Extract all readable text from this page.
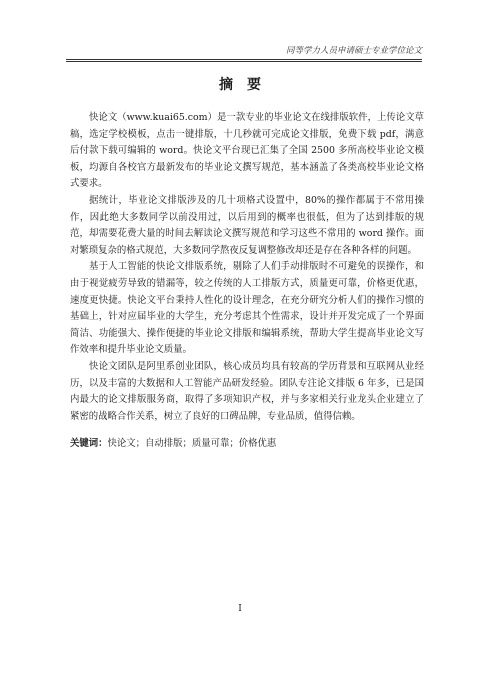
同等学力人员申请硕士专业学位论文
摘要

快论文（www.kuai65.com）是一款专业的毕业论文在线排版软件，上传论文草稿，选定学校模板，点击一键排版，十几秒就可完成论文排版，免费下载 pdf，满意后付款下载可编辑的 word。快论文平台现已汇集了全国 2500 多所高校毕业论文模板，均源自各校官方最新发布的毕业论文撰写规范，基本涵盖了各类高校毕业论文格式要求。

据统计，毕业论文排版涉及的几十项格式设置中，80%的操作都属于不常用操作，因此绝大多数同学以前没用过，以后用到的概率也很低，但为了达到排版的规范，却需要花费大量的时间去解读论文撰写规范和学习这些不常用的 word 操作。面对繁琐复杂的格式规范，大多数同学熬夜反复调整修改却还是存在各种各样的问题。

基于人工智能的快论文排版系统，剔除了人们手动排版时不可避免的误操作，和由于视觉疲劳导致的错漏等，较之传统的人工排版方式，质量更可靠，价格更优惠，速度更快捷。快论文平台秉持人性化的设计理念，在充分研究分析人们的操作习惯的基础上，针对应届毕业的大学生，充分考虑其个性需求，设计并开发完成了一个界面简洁、功能强大、操作便捷的毕业论文排版和编辑系统，帮助大学生提高毕业论文写作效率和提升毕业论文质量。

快论文团队是阿里系创业团队，核心成员均具有较高的学历背景和互联网从业经历，以及丰富的大数据和人工智能产品研发经验。团队专注论文排版 6 年多，已是国内最大的论文排版服务商，取得了多项知识产权，并与多家相关行业龙头企业建立了紧密的战略合作关系，树立了良好的口碑品牌，专业品质，值得信赖。

关键词：快论文；自动排版；质量可靠；价格优惠
I
